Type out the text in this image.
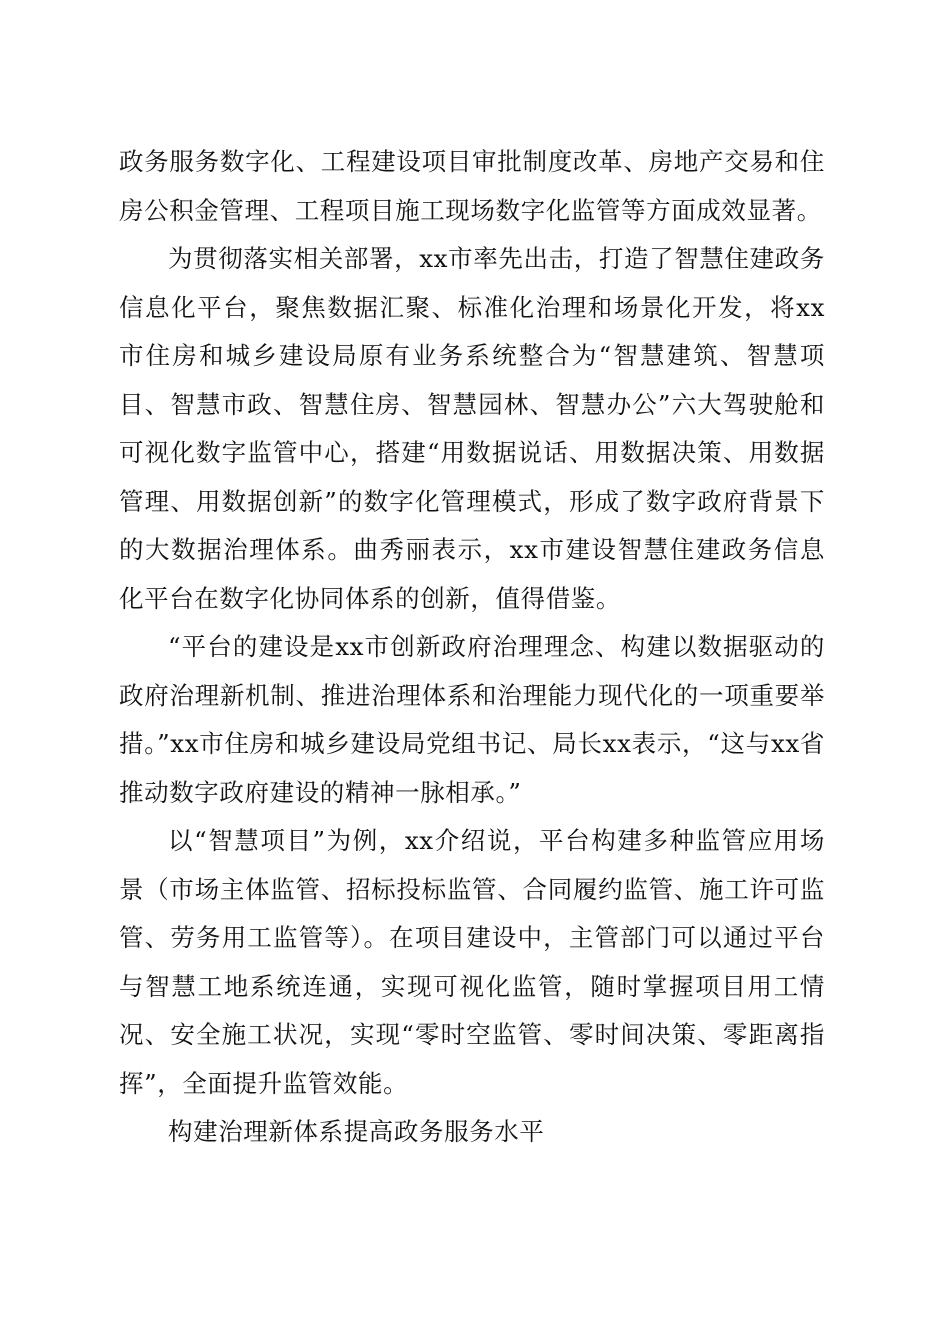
政务服务数字化、工程建设项目审批制度改革、房地产交易和住房公积金管理、工程项目施工现场数字化监管等方面成效显著。

为贯彻落实相关部署，xx市率先出击，打造了智慧住建政务信息化平台，聚焦数据汇聚、标准化治理和场景化开发，将xx市住房和城乡建设局原有业务系统整合为“智慧建筑、智慧项目、智慧市政、智慧住房、智慧园林、智慧办公”六大驾驶舱和可视化数字监管中心，搭建“用数据说话、用数据决策、用数据管理、用数据创新”的数字化管理模式，形成了数字政府背景下的大数据治理体系。曲秀丽表示，xx市建设智慧住建政务信息化平台在数字化协同体系的创新，值得借鉴。

“平台的建设是xx市创新政府治理理念、构建以数据驱动的政府治理新机制、推进治理体系和治理能力现代化的一项重要举措。”xx市住房和城乡建设局党组书记、局长xx表示，“这与xx省推动数字政府建设的精神一脉相承。”

以“智慧项目”为例，xx介绍说，平台构建多种监管应用场景（市场主体监管、招标投标监管、合同履约监管、施工许可监管、劳务用工监管等）。在项目建设中，主管部门可以通过平台与智慧工地系统连通，实现可视化监管，随时掌握项目用工情况、安全施工状况，实现“零时空监管、零时间决策、零距离指挥”，全面提升监管效能。

构建治理新体系提高政务服务水平
